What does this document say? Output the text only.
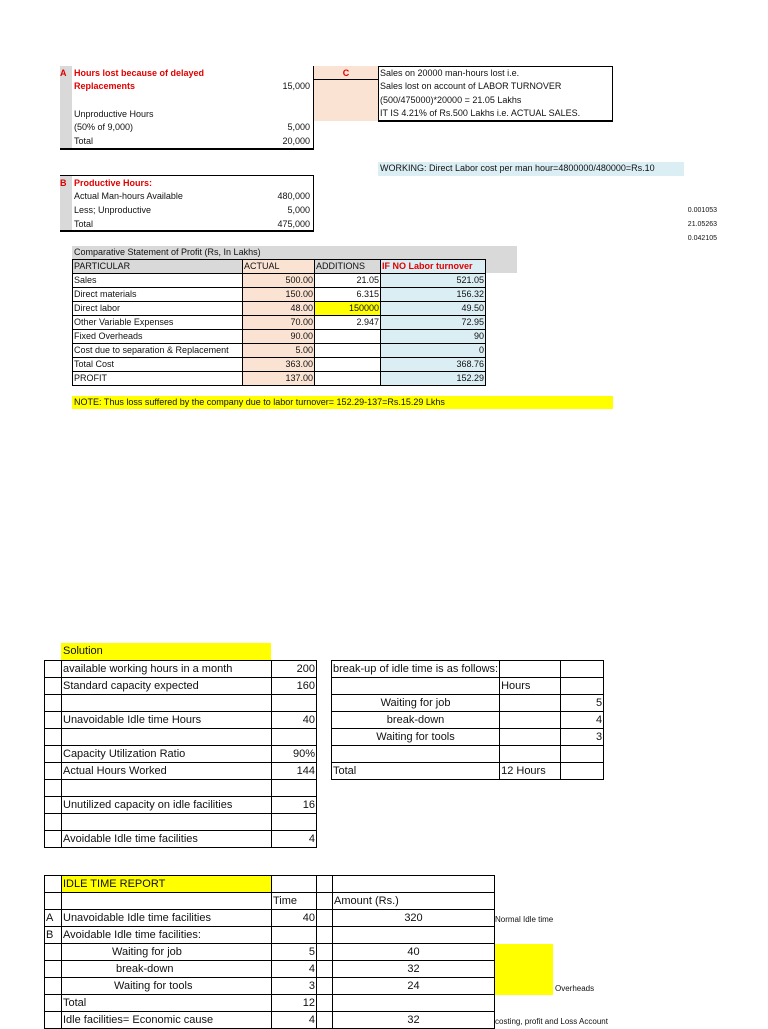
A Hours lost because of delayed
Replacements	15,000
Unproductive Hours
(50% of 9,000)	5,000
Total	20,000
C	Sales on 20000 man-hours lost i.e.
Sales lost on account of LABOR TURNOVER
(500/475000)*20000 = 21.05 Lakhs
IT IS 4.21% of Rs.500 Lakhs i.e. ACTUAL SALES.
WORKING: Direct Labor cost per man hour=4800000/480000=Rs.10
0.001053
21.05263
0.042105
B Productive Hours:
Actual Man-hours Available	480,000
Less; Unproductive	5,000
Total	475,000
Comparative Statement of Profit (Rs, In Lakhs)
PARTICULAR	ACTUAL	ADDITIONS	IF NO Labor turnover
Sales	500.00	21.05	521.05
Direct materials	150.00	6.315	156.32
Direct labor	48.00	150000	49.50
Other Variable Expenses	70.00	2.947	72.95
Fixed Overheads	90.00		90
Cost due to separation & Replacement	5.00		0
Total Cost	363.00		368.76
PROFIT	137.00		152.29
NOTE: Thus loss suffered by the company due to labor turnover= 152.29-137=Rs.15.29 Lkhs
Solution
	available working hours in a month	200
	Standard capacity expected	160

	Unavoidable Idle time Hours	40

	Capacity Utilization Ratio	90%
	Actual Hours Worked	144

	Unutilized capacity on idle facilities	16

	Avoidable Idle time facilities	4
break-up of idle time is as follows:		
	Hours	
Waiting for job		5
break-down		4
Waiting for tools		3

Total	12 Hours	
	IDLE TIME REPORT			
		Time		Amount (Rs.)
A	Unavoidable Idle time facilities	40		320
B	Avoidable Idle time facilities:			
	Waiting for job	5		40
	break-down	4		32
	Waiting for tools	3		24
	Total	12		
	Idle facilities= Economic cause	4		32
Normal Idle time
Overheads
costing, profit and Loss Account
